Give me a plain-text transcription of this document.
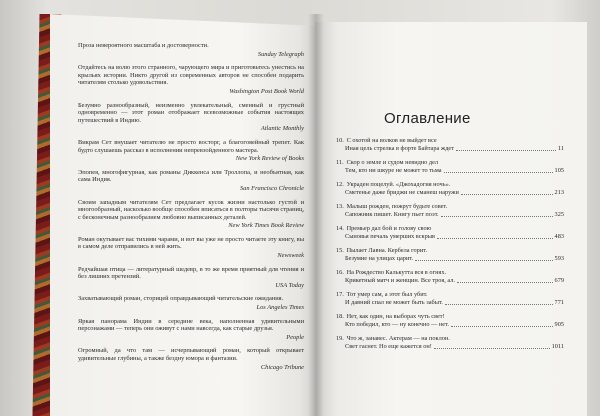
Проза невероятного масштаба и достоверности.

Sunday Telegraph

Отдайтесь на волю этого странного, чарующего мира и приготовьтесь унестись на крыльях истории. Никто другой из современных авторов не способен подарить читателям столько удовольствия.

Washington Post Book World

Безумно разнообразный, неизменно увлекательный, сменный и грустный одновременно — этот роман отображает всевозможные события настоящих путешествий в Индию.

Atlantic Monthly

Викрам Сет внушает читателю не просто восторг, а благоговейный трепет. Как будто слушаешь рассказ в исполнении непревзойденного мастера.

New York Review of Books

Эпопея, многофигурная, как романы Диккенса или Троллопа, и необъятная, как сама Индия.

San Francisco Chronicle

Своим западным читателям Сет предлагает кусок жизни настолько густой и многообразный, насколько вообще способен вписаться в полторы тысячи страниц, с бесконечным разнообразием любовно выписанных деталей.

New York Times Book Review

Роман окутывает вас тихими чарами, и вот вы уже не просто читаете эту книгу, вы в самом деле отправились в ней жить.

Newsweek

Редчайшая птица — литературный шедевр, в то же время приятный для чтения и без лишних претензий.

USA Today

Захватывающий роман, сторицей оправдывающий читательские ожидания.

Los Angeles Times

Яркая панорама Индии в середине века, наполненная удивительными персонажами — теперь они оживут с нами навсегда, как старые друзья.

People

Огромный, да что там — исчерпывающий роман, который открывает удивительные глубины, а также бездну юмора и фантазии.

Chicago Tribune
Оглавление
10. С охотой на волков не выйдет все
Иная цель стрелка в форте Байтара ждет	11
11. Скор о земле и судом невидно дел
Тем, кто ни шкуре не может то тьма	105
12. Украден поцелуй. «Джохадогия ночь».
Сметенье даже бриджи не сманеш наружи	213
13. Малыш рожден, пожрут будьте совет.
Сапожник пишет. Книгу пьет поэт.	325
14. Премьер дал бой и голову свою
Сыновья печаль умерших вскрыв	483
15. Пылает Лавна. Кербела горит.
Безумие на улицах царит.	593
16. На Рождество Калькутта вся в огнях.
Крикетный матч и женщин. Все троя, ал.	679
17. Тот умер сам, а этот был убит.
И давний спал не может быть забыт.	771
18. Нет, как один, на выборах чуть свет!
Кто победил, кто — ну конечно — нет.	905
19. Что ж, занавес. Актерам — на поклон.
Свет гаснет. Но еще кажется он!	1011
